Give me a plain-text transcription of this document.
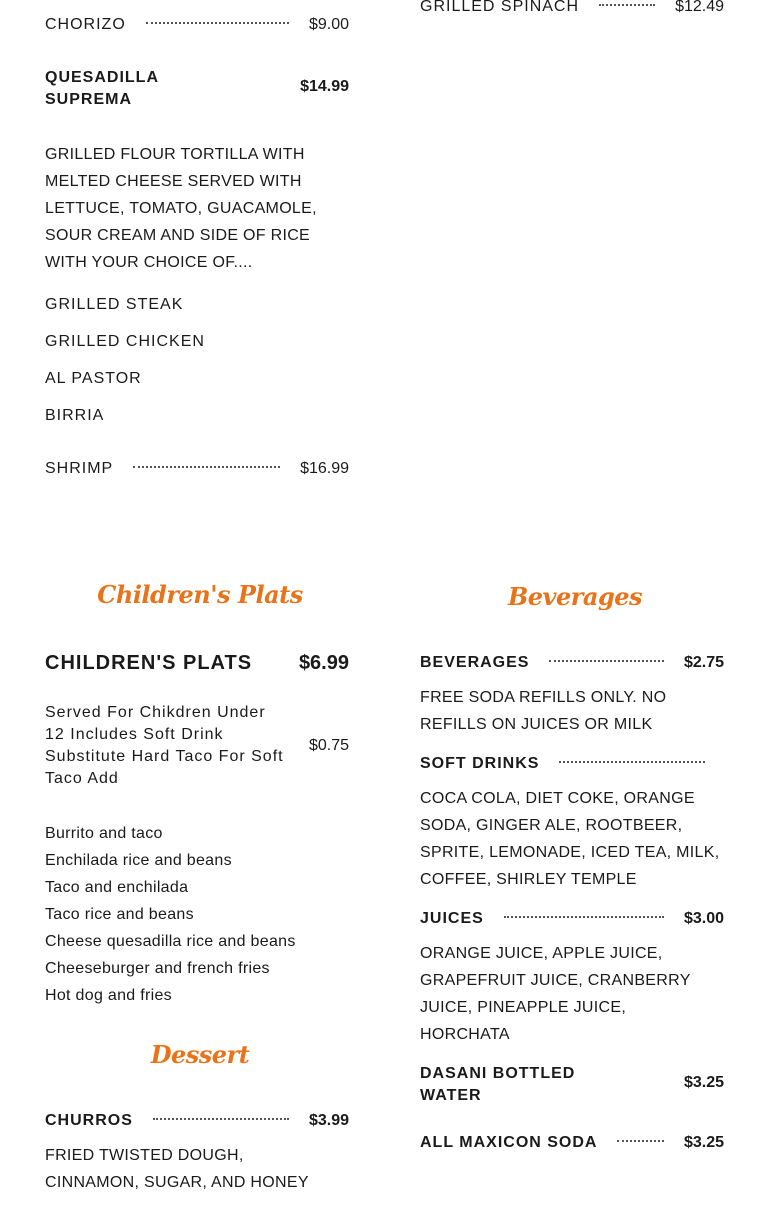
CHORIZO	$9.00
QUESADILLA
SUPREMA
$14.99
GRILLED FLOUR TORTILLA WITH MELTED CHEESE SERVED WITH LETTUCE, TOMATO, GUACAMOLE, SOUR CREAM AND SIDE OF RICE WITH YOUR CHOICE OF....
GRILLED STEAK
GRILLED CHICKEN
AL PASTOR
BIRRIA
SHRIMP	$16.99
GRILLED SPINACH	$12.49
Children's Plats
CHILDREN'S PLATS $6.99
Served For Chikdren Under 12 Includes Soft Drink Substitute Hard Taco For Soft Taco Add
$0.75
Burrito and taco
Enchilada rice and beans
Taco and enchilada
Taco rice and beans
Cheese quesadilla rice and beans
Cheeseburger and french fries
Hot dog and fries
Dessert
CHURROS	$3.99
FRIED TWISTED DOUGH, CINNAMON, SUGAR, AND HONEY
Beverages
BEVERAGES	$2.75
FREE SODA REFILLS ONLY. NO REFILLS ON JUICES OR MILK
SOFT DRINKS
COCA COLA, DIET COKE, ORANGE SODA, GINGER ALE, ROOTBEER, SPRITE, LEMONADE, ICED TEA, MILK, COFFEE, SHIRLEY TEMPLE
JUICES	$3.00
ORANGE JUICE, APPLE JUICE, GRAPEFRUIT JUICE, CRANBERRY JUICE, PINEAPPLE JUICE, HORCHATA
DASANI BOTTLED
WATER
$3.25
ALL MAXICON SODA	$3.25
